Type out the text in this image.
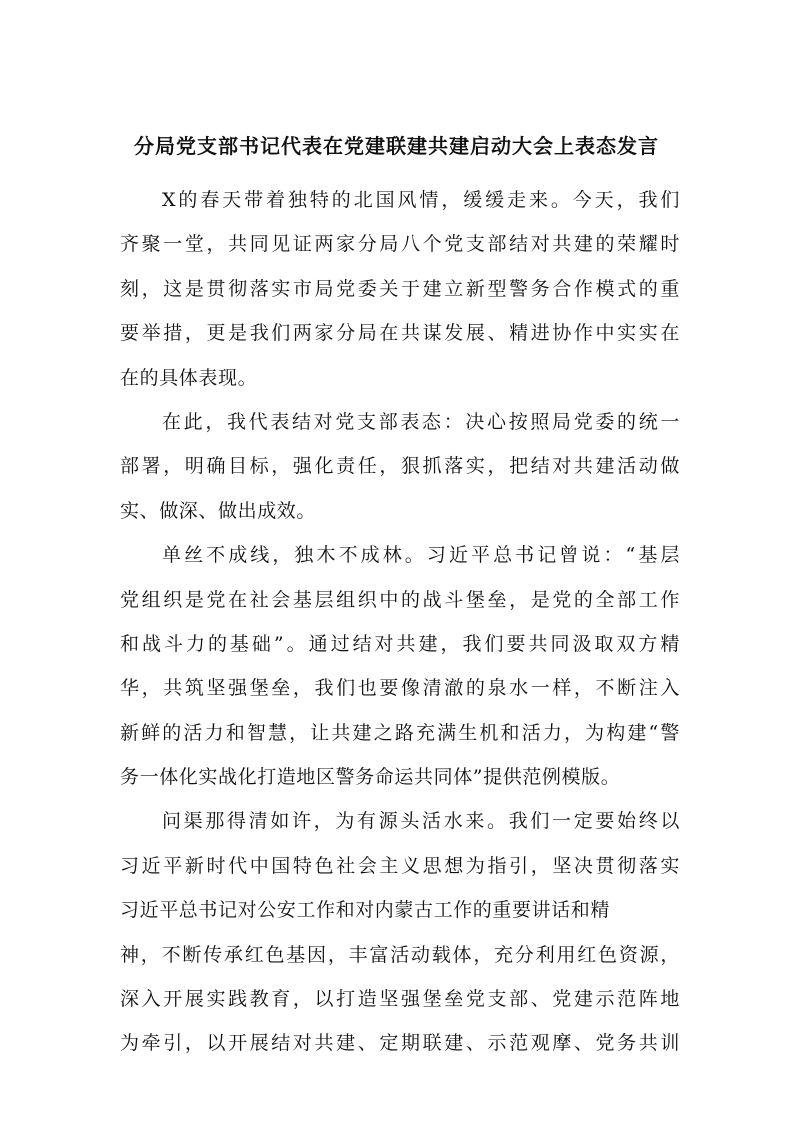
分局党支部书记代表在党建联建共建启动大会上表态发言
X的春天带着独特的北国风情，缓缓走来。今天，我们
齐聚一堂，共同见证两家分局八个党支部结对共建的荣耀时
刻，这是贯彻落实市局党委关于建立新型警务合作模式的重
要举措，更是我们两家分局在共谋发展、精进协作中实实在
在的具体表现。
在此，我代表结对党支部表态：决心按照局党委的统一
部署，明确目标，强化责任，狠抓落实，把结对共建活动做
实、做深、做出成效。
单丝不成线，独木不成林。习近平总书记曾说：“基层
党组织是党在社会基层组织中的战斗堡垒，是党的全部工作
和战斗力的基础”。通过结对共建，我们要共同汲取双方精
华，共筑坚强堡垒，我们也要像清澈的泉水一样，不断注入
新鲜的活力和智慧，让共建之路充满生机和活力，为构建“警
务一体化实战化打造地区警务命运共同体”提供范例模版。
问渠那得清如许，为有源头活水来。我们一定要始终以
习近平新时代中国特色社会主义思想为指引，坚决贯彻落实
习近平总书记对公安工作和对内蒙古工作的重要讲话和精
神，不断传承红色基因，丰富活动载体，充分利用红色资源，
深入开展实践教育，以打造坚强堡垒党支部、党建示范阵地
为牵引，以开展结对共建、定期联建、示范观摩、党务共训
